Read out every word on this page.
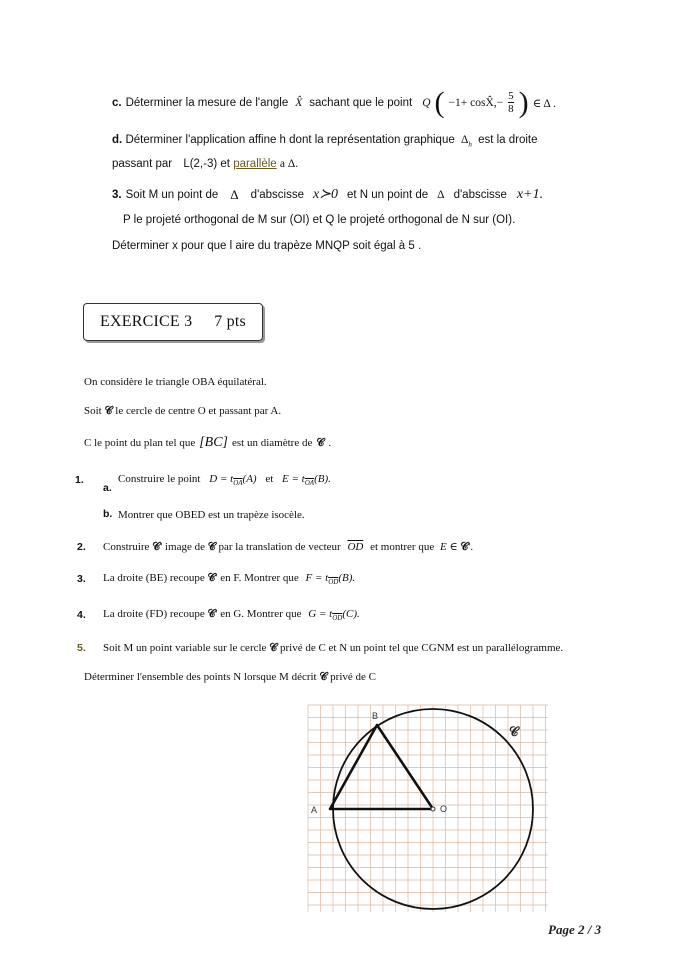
c. Déterminer la mesure de l'angle X̂ sachant que le point Q ( −1+ cosX̂,− $\frac{5}{8}$ ) ∈ Δ .
d. Déterminer l'application affine h dont la représentation graphique $\Delta_h$ est la droite
passant par L(2,-3) et parallèle a Δ.
3. Soit M un point de Δ d'abscisse x≻0 et N un point de Δ d'abscisse x+1.
P le projeté orthogonal de M sur (OI) et Q le projeté orthogonal de N sur (OI).
Déterminer x pour que l aire du trapèze MNQP soit égal à 5 .
EXERCICE 3 7 pts
On considère le triangle OBA équilatéral.
Soit 𝒞 le cercle de centre O et passant par A.
C le point du plan tel que [BC] est un diamètre de 𝒞 .
1.
a.
Construire le point $D = t_{\overline{OA}}(A)$ et $E = t_{\overline{OA}}(B)$.
b. Montrer que OBED est un trapèze isocèle.
2. Construire 𝒞' image de 𝒞 par la translation de vecteur $\overline{OD}$ et montrer que E ∈ 𝒞'.
3. La droite (BE) recoupe 𝒞' en F. Montrer que $F = t_{\overline{OD}}(B)$.
4. La droite (FD) recoupe 𝒞' en G. Montrer que $G = t_{\overline{OD}}(C)$.
5. Soit M un point variable sur le cercle 𝒞 privé de C et N un point tel que CGNM est un parallélogramme.
Déterminer l'ensemble des points N lorsque M décrit 𝒞 privé de C
B
A	O
𝒞
Page 2 / 3
